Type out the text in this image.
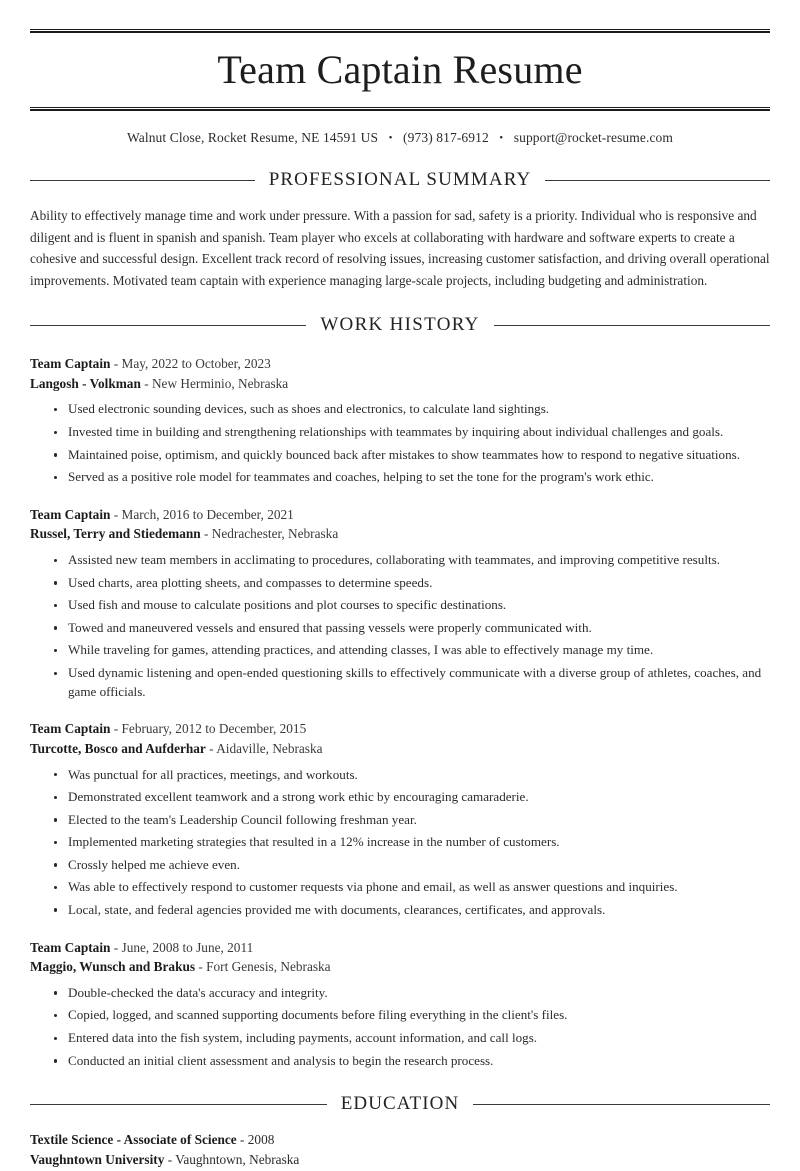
Team Captain Resume
Walnut Close, Rocket Resume, NE 14591 US • (973) 817-6912 • support@rocket-resume.com
PROFESSIONAL SUMMARY

Ability to effectively manage time and work under pressure. With a passion for sad, safety is a priority. Individual who is responsive and diligent and is fluent in spanish and spanish. Team player who excels at collaborating with hardware and software experts to create a cohesive and successful design. Excellent track record of resolving issues, increasing customer satisfaction, and driving overall operational improvements. Motivated team captain with experience managing large-scale projects, including budgeting and administration.

WORK HISTORY
Team Captain - May, 2022 to October, 2023
Langosh - Volkman - New Herminio, Nebraska
Used electronic sounding devices, such as shoes and electronics, to calculate land sightings.
Invested time in building and strengthening relationships with teammates by inquiring about individual challenges and goals.
Maintained poise, optimism, and quickly bounced back after mistakes to show teammates how to respond to negative situations.
Served as a positive role model for teammates and coaches, helping to set the tone for the program's work ethic.
Team Captain - March, 2016 to December, 2021
Russel, Terry and Stiedemann - Nedrachester, Nebraska
Assisted new team members in acclimating to procedures, collaborating with teammates, and improving competitive results.
Used charts, area plotting sheets, and compasses to determine speeds.
Used fish and mouse to calculate positions and plot courses to specific destinations.
Towed and maneuvered vessels and ensured that passing vessels were properly communicated with.
While traveling for games, attending practices, and attending classes, I was able to effectively manage my time.
Used dynamic listening and open-ended questioning skills to effectively communicate with a diverse group of athletes, coaches, and game officials.
Team Captain - February, 2012 to December, 2015
Turcotte, Bosco and Aufderhar - Aidaville, Nebraska
Was punctual for all practices, meetings, and workouts.
Demonstrated excellent teamwork and a strong work ethic by encouraging camaraderie.
Elected to the team's Leadership Council following freshman year.
Implemented marketing strategies that resulted in a 12% increase in the number of customers.
Crossly helped me achieve even.
Was able to effectively respond to customer requests via phone and email, as well as answer questions and inquiries.
Local, state, and federal agencies provided me with documents, clearances, certificates, and approvals.
Team Captain - June, 2008 to June, 2011
Maggio, Wunsch and Brakus - Fort Genesis, Nebraska
Double-checked the data's accuracy and integrity.
Copied, logged, and scanned supporting documents before filing everything in the client's files.
Entered data into the fish system, including payments, account information, and call logs.
Conducted an initial client assessment and analysis to begin the research process.
EDUCATION
Textile Science - Associate of Science - 2008
Vaughntown University - Vaughntown, Nebraska
